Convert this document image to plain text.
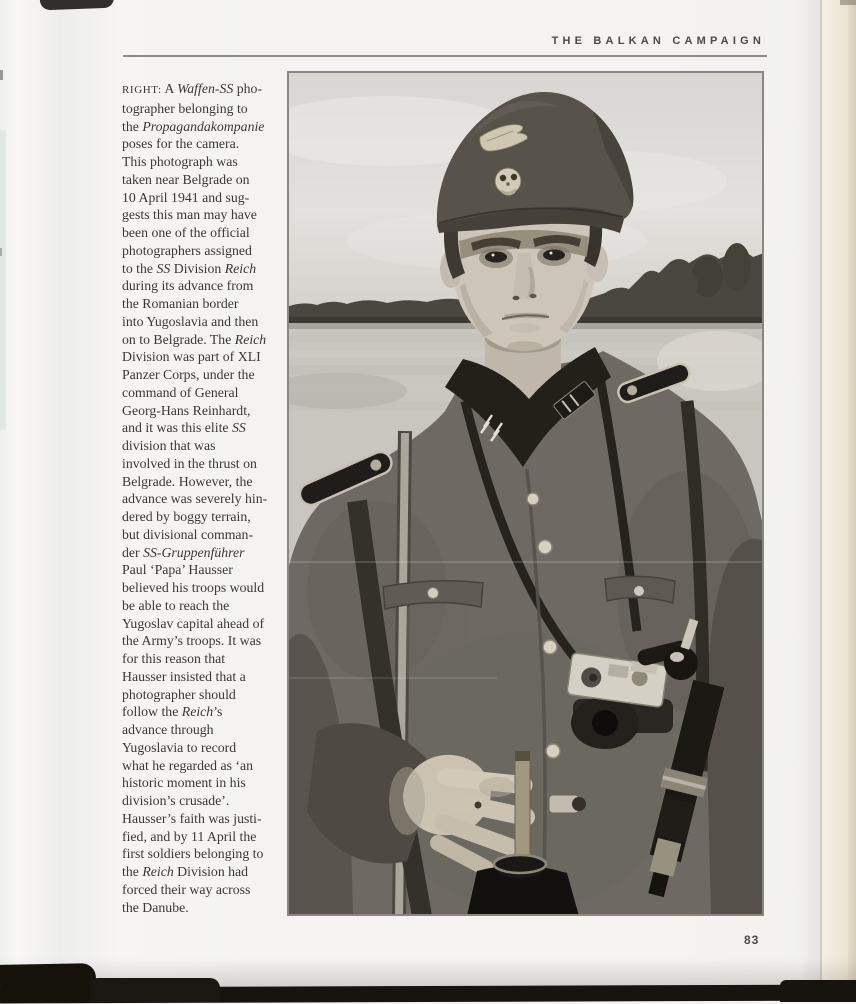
THE BALKAN CAMPAIGN
RIGHT: A Waffen-SS pho-
tographer belonging to
the Propagandakompanie
poses for the camera.
This photograph was
taken near Belgrade on
10 April 1941 and sug-
gests this man may have
been one of the official
photographers assigned
to the SS Division Reich
during its advance from
the Romanian border
into Yugoslavia and then
on to Belgrade. The Reich
Division was part of XLI
Panzer Corps, under the
command of General
Georg-Hans Reinhardt,
and it was this elite SS
division that was
involved in the thrust on
Belgrade. However, the
advance was severely hin-
dered by boggy terrain,
but divisional comman-
der SS-Gruppenführer
Paul ‘Papa’ Hausser
believed his troops would
be able to reach the
Yugoslav capital ahead of
the Army’s troops. It was
for this reason that
Hausser insisted that a
photographer should
follow the Reich’s
advance through
Yugoslavia to record
what he regarded as ‘an
historic moment in his
division’s crusade’.
Hausser’s faith was justi-
fied, and by 11 April the
first soldiers belonging to
the Reich Division had
forced their way across
the Danube.
83
